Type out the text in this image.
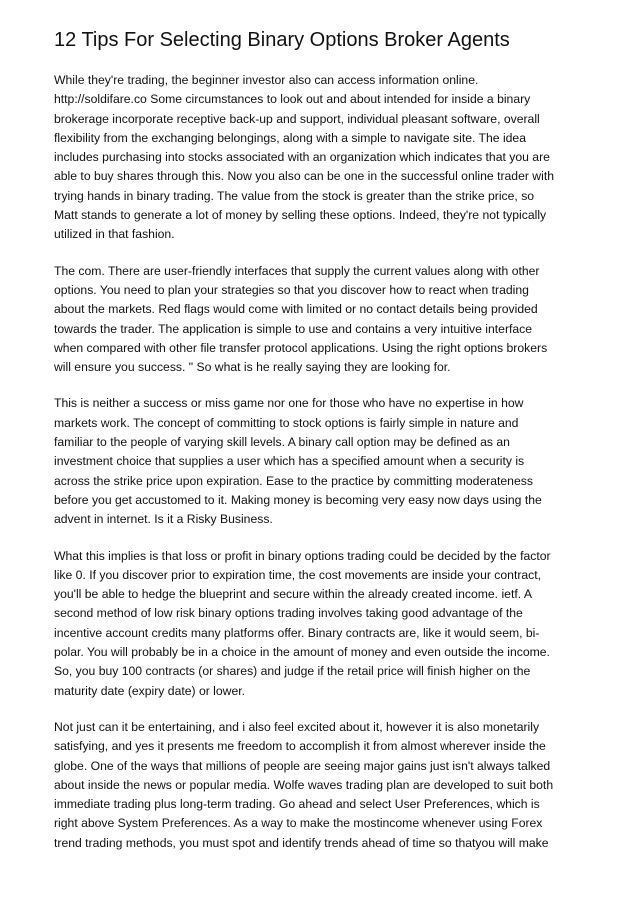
12 Tips For Selecting Binary Options Broker Agents

While they're trading, the beginner investor also can access information online.
http://soldifare.co Some circumstances to look out and about intended for inside a binary
brokerage incorporate receptive back-up and support, individual pleasant software, overall
flexibility from the exchanging belongings, along with a simple to navigate site. The idea
includes purchasing into stocks associated with an organization which indicates that you are
able to buy shares through this. Now you also can be one in the successful online trader with
trying hands in binary trading. The value from the stock is greater than the strike price, so
Matt stands to generate a lot of money by selling these options. Indeed, they're not typically
utilized in that fashion.

The com. There are user-friendly interfaces that supply the current values along with other
options. You need to plan your strategies so that you discover how to react when trading
about the markets. Red flags would come with limited or no contact details being provided
towards the trader. The application is simple to use and contains a very intuitive interface
when compared with other file transfer protocol applications. Using the right options brokers
will ensure you success. " So what is he really saying they are looking for.

This is neither a success or miss game nor one for those who have no expertise in how
markets work. The concept of committing to stock options is fairly simple in nature and
familiar to the people of varying skill levels. A binary call option may be defined as an
investment choice that supplies a user which has a specified amount when a security is
across the strike price upon expiration. Ease to the practice by committing moderateness
before you get accustomed to it. Making money is becoming very easy now days using the
advent in internet. Is it a Risky Business.

What this implies is that loss or profit in binary options trading could be decided by the factor
like 0. If you discover prior to expiration time, the cost movements are inside your contract,
you'll be able to hedge the blueprint and secure within the already created income. ietf. A
second method of low risk binary options trading involves taking good advantage of the
incentive account credits many platforms offer. Binary contracts are, like it would seem, bi-
polar. You will probably be in a choice in the amount of money and even outside the income.
So, you buy 100 contracts (or shares) and judge if the retail price will finish higher on the
maturity date (expiry date) or lower.

Not just can it be entertaining, and i also feel excited about it, however it is also monetarily
satisfying, and yes it presents me freedom to accomplish it from almost wherever inside the
globe. One of the ways that millions of people are seeing major gains just isn't always talked
about inside the news or popular media. Wolfe waves trading plan are developed to suit both
immediate trading plus long-term trading. Go ahead and select User Preferences, which is
right above System Preferences. As a way to make the mostincome whenever using Forex
trend trading methods, you must spot and identify trends ahead of time so thatyou will make
